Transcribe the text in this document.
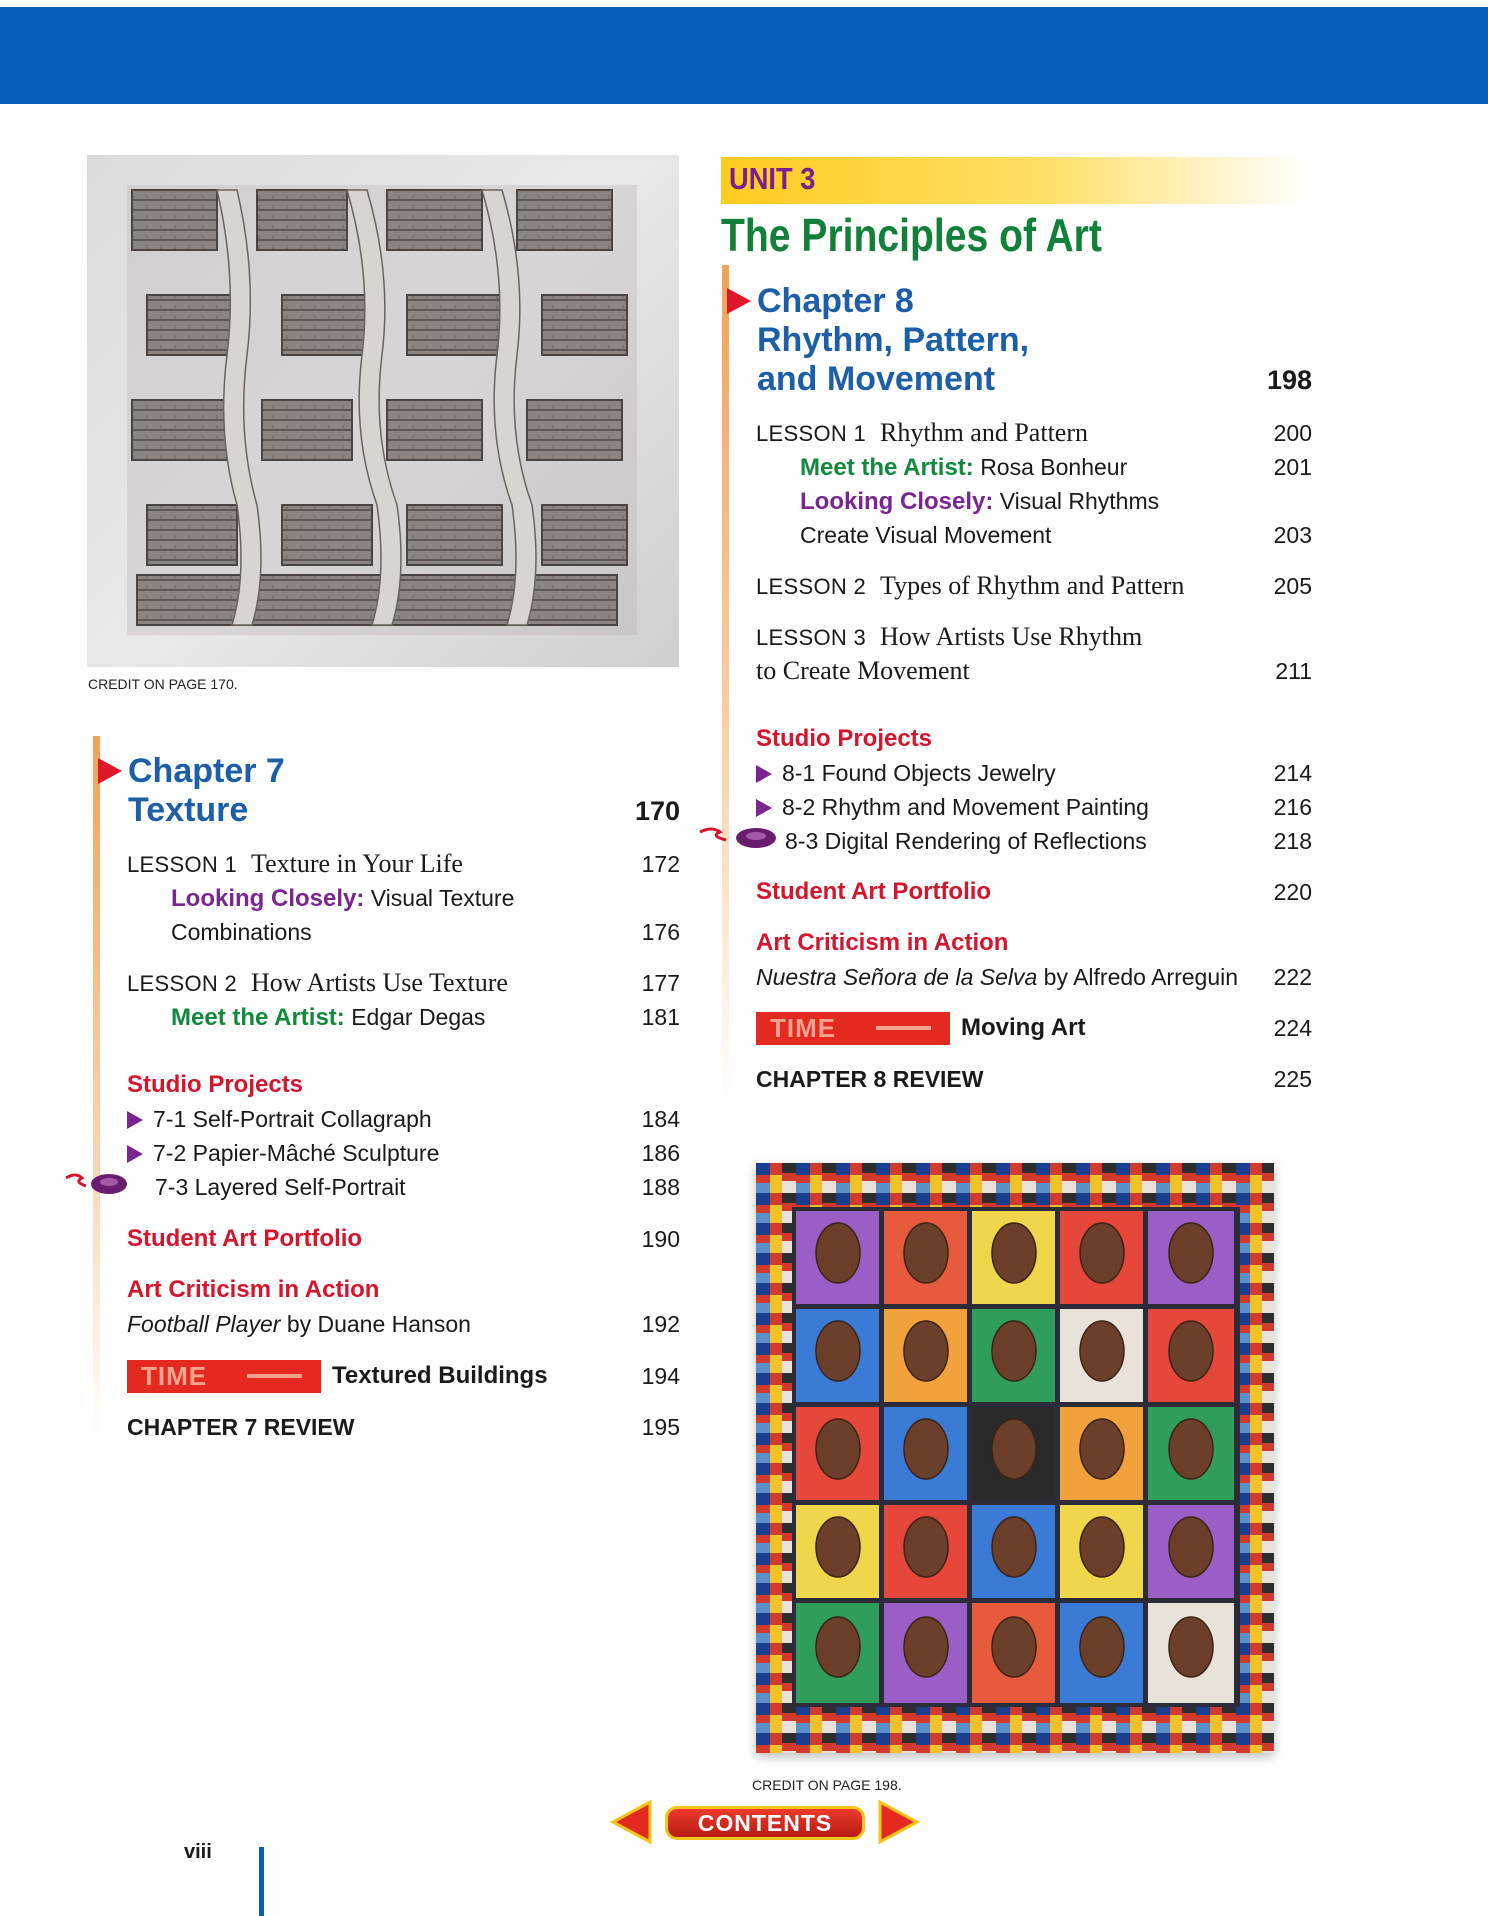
CREDIT ON PAGE 170.
Chapter 7
Texture	170
LESSON 1 Texture in Your Life	172
Looking Closely: Visual Texture
Combinations	176
LESSON 2 How Artists Use Texture	177
Meet the Artist: Edgar Degas	181
Studio Projects
7-1 Self-Portrait Collagraph	184
7-2 Papier-Mâché Sculpture	186
7-3 Layered Self-Portrait	188
Student Art Portfolio	190
Art Criticism in Action
Football Player by Duane Hanson	192
TIME	Textured Buildings	194
CHAPTER 7 REVIEW	195
UNIT 3
The Principles of Art
Chapter 8
Rhythm, Pattern,
and Movement	198
LESSON 1 Rhythm and Pattern	200
Meet the Artist: Rosa Bonheur	201
Looking Closely: Visual Rhythms
Create Visual Movement	203
LESSON 2 Types of Rhythm and Pattern	205
LESSON 3 How Artists Use Rhythm
to Create Movement	211
Studio Projects
8-1 Found Objects Jewelry	214
8-2 Rhythm and Movement Painting	216
8-3 Digital Rendering of Reflections	218
Student Art Portfolio	220
Art Criticism in Action
Nuestra Señora de la Selva by Alfredo Arreguin	222
TIME	Moving Art	224
CHAPTER 8 REVIEW	225
CREDIT ON PAGE 198.
viii
CONTENTS
